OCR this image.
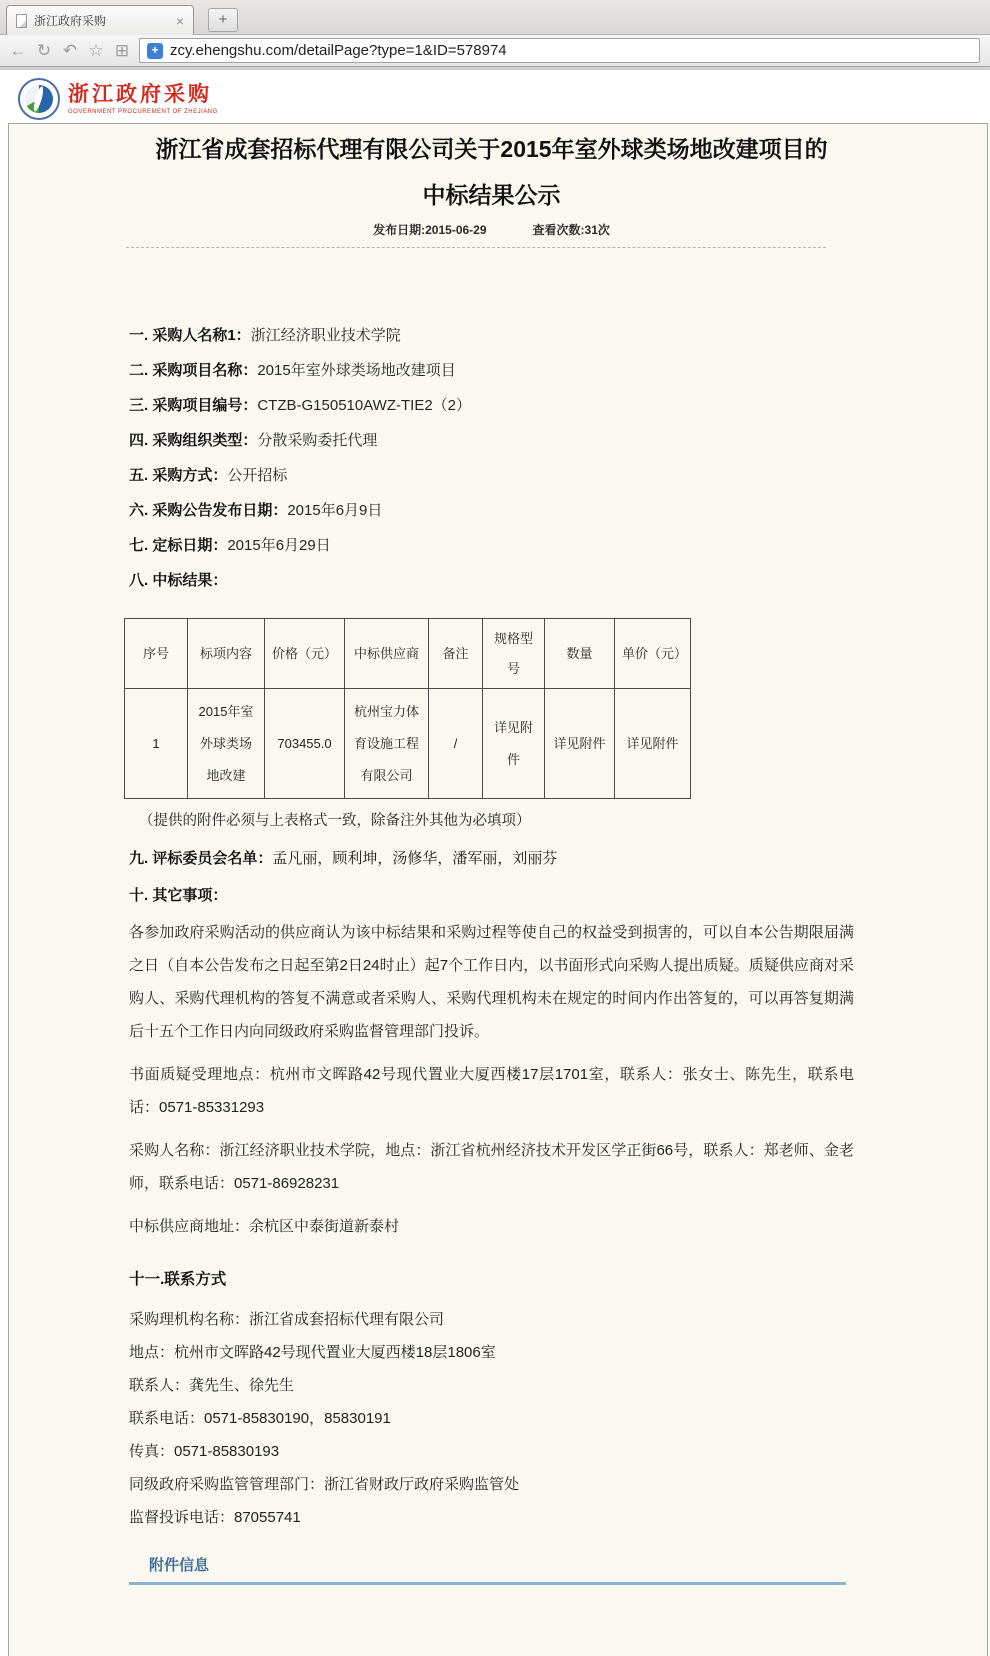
浙江政府采购	×	+
← ↻ ↶ ☆ ⊞	+ zcy.ehengshu.com/detailPage?type=1&ID=578974
浙江政府采购
GOVERNMENT PROCUREMENT OF ZHEJIANG
浙江省成套招标代理有限公司关于2015年室外球类场地改建项目的
中标结果公示
发布日期:2015-06-29	查看次数:31次
一. 采购人名称1：浙江经济职业技术学院
二. 采购项目名称：2015年室外球类场地改建项目
三. 采购项目编号：CTZB-G150510AWZ-TIE2（2）
四. 采购组织类型：分散采购委托代理
五. 采购方式：公开招标
六. 采购公告发布日期：2015年6月9日
七. 定标日期：2015年6月29日
八. 中标结果：
序号	标项内容	价格（元）	中标供应商	备注	规格型号	数量	单价（元）
1	2015年室外球类场地改建	703455.0	杭州宝力体育设施工程有限公司	/	详见附件	详见附件	详见附件
（提供的附件必须与上表格式一致，除备注外其他为必填项）
九. 评标委员会名单：孟凡丽，顾利坤，汤修华，潘军丽，刘丽芬
十. 其它事项：
各参加政府采购活动的供应商认为该中标结果和采购过程等使自己的权益受到损害的，可以自本公告期限届满之日（自本公告发布之日起至第2日24时止）起7个工作日内，以书面形式向采购人提出质疑。质疑供应商对采购人、采购代理机构的答复不满意或者采购人、采购代理机构未在规定的时间内作出答复的，可以再答复期满后十五个工作日内向同级政府采购监督管理部门投诉。
书面质疑受理地点：杭州市文晖路42号现代置业大厦西楼17层1701室，联系人：张女士、陈先生，联系电话：0571-85331293
采购人名称：浙江经济职业技术学院，地点：浙江省杭州经济技术开发区学正街66号，联系人：郑老师、金老师，联系电话：0571-86928231
中标供应商地址：余杭区中泰街道新泰村
十一.联系方式
采购理机构名称：浙江省成套招标代理有限公司
地点：杭州市文晖路42号现代置业大厦西楼18层1806室
联系人：龚先生、徐先生
联系电话：0571-85830190，85830191
传真：0571-85830193
同级政府采购监管管理部门：浙江省财政厅政府采购监管处
监督投诉电话：87055741
附件信息
